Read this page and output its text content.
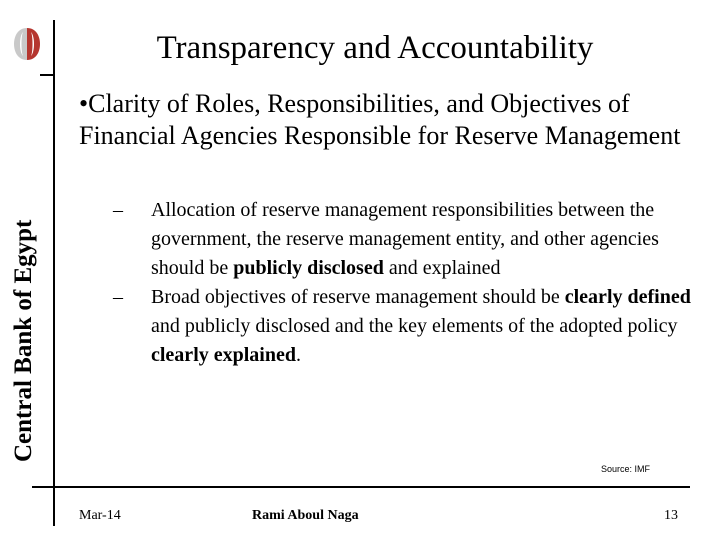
Central Bank of Egypt
Transparency and Accountability
•Clarity of Roles, Responsibilities, and Objectives of Financial Agencies Responsible for Reserve Management
–	Allocation of reserve management responsibilities between the government, the reserve management entity, and other agencies should be publicly disclosed and explained
–	Broad objectives of reserve management should be clearly defined and publicly disclosed and the key elements of the adopted policy clearly explained.
Source: IMF
Mar-14	Rami Aboul Naga	13
